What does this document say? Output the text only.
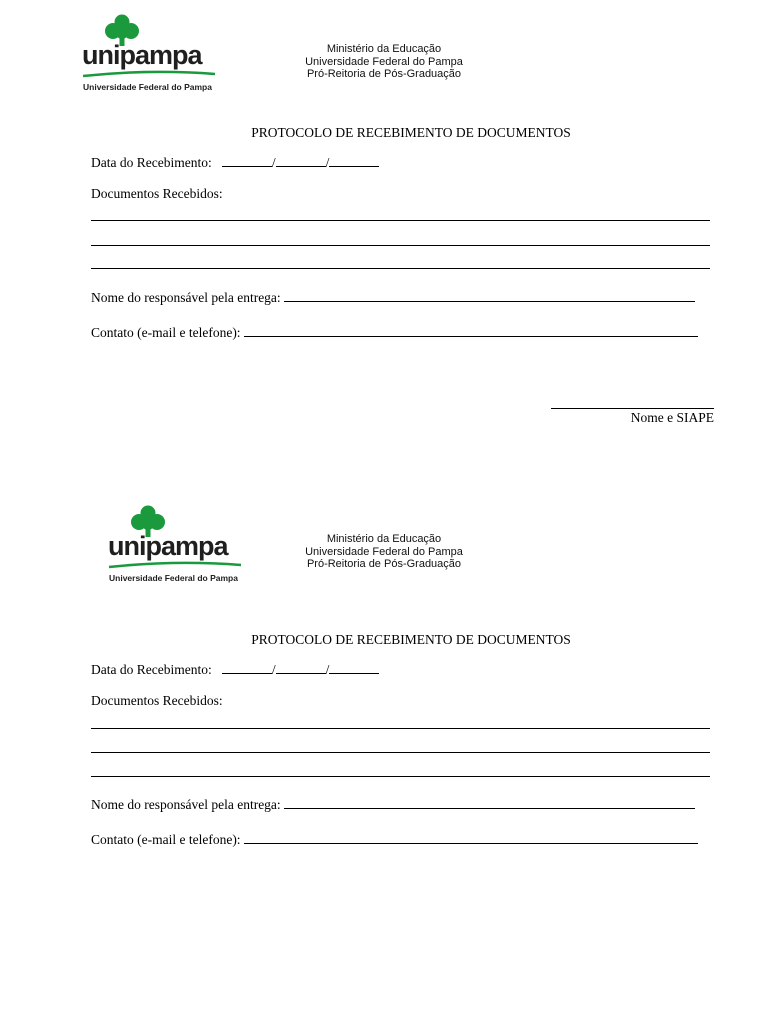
unipampa
Universidade Federal do Pampa
Ministério da Educação
Universidade Federal do Pampa
Pró-Reitoria de Pós-Graduação
PROTOCOLO DE RECEBIMENTO DE DOCUMENTOS
Data do Recebimento:	/	/
Documentos Recebidos:
Nome do responsável pela entrega:
Contato (e-mail e telefone):
Nome e SIAPE
unipampa
Universidade Federal do Pampa
Ministério da Educação
Universidade Federal do Pampa
Pró-Reitoria de Pós-Graduação
PROTOCOLO DE RECEBIMENTO DE DOCUMENTOS
Data do Recebimento:	/	/
Documentos Recebidos:
Nome do responsável pela entrega:
Contato (e-mail e telefone):
